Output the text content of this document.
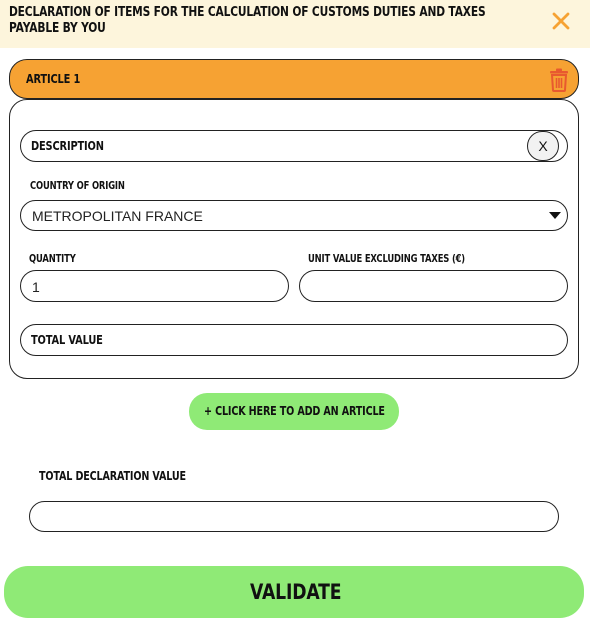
DECLARATION OF ITEMS FOR THE CALCULATION OF CUSTOMS DUTIES AND TAXES
PAYABLE BY YOU
ARTICLE 1
DESCRIPTION	X
COUNTRY OF ORIGIN
METROPOLITAN FRANCE
QUANTITY
1
UNIT VALUE EXCLUDING TAXES (€)
TOTAL VALUE
+ CLICK HERE TO ADD AN ARTICLE
TOTAL DECLARATION VALUE
VALIDATE
